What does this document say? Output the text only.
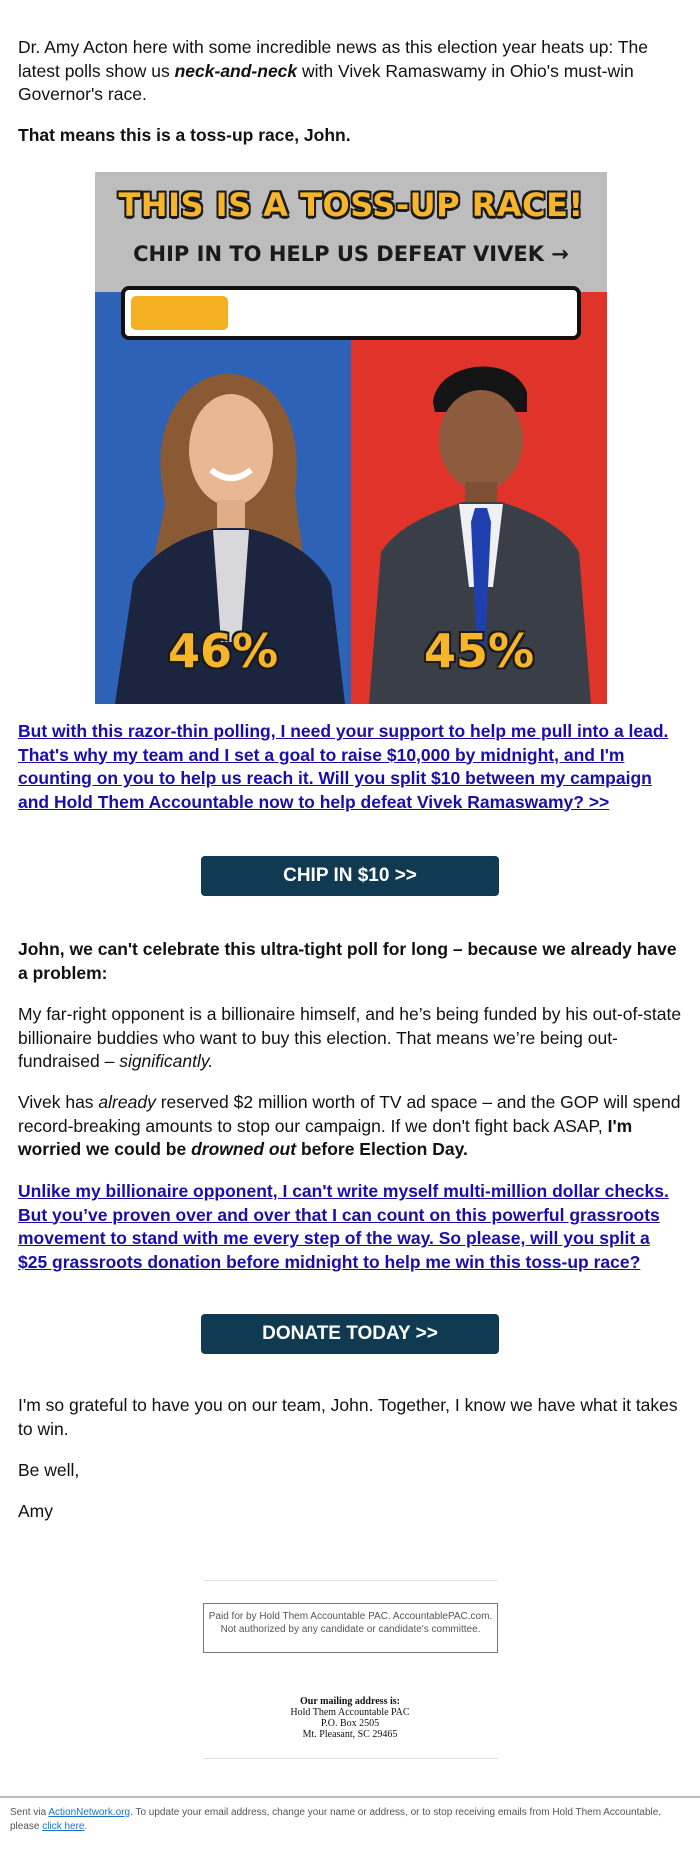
Dr. Amy Acton here with some incredible news as this election year heats up: The latest polls show us neck-and-neck with Vivek Ramaswamy in Ohio's must-win Governor's race.

That means this is a toss-up race, John.

THIS IS A TOSS-UP RACE!
CHIP IN TO HELP US DEFEAT VIVEK →
46%	45%

But with this razor-thin polling, I need your support to help me pull into a lead. That's why my team and I set a goal to raise $10,000 by midnight, and I'm counting on you to help us reach it. Will you split $10 between my campaign and Hold Them Accountable now to help defeat Vivek Ramaswamy? >>

CHIP IN $10 >>

John, we can't celebrate this ultra-tight poll for long – because we already have a problem:

My far-right opponent is a billionaire himself, and he’s being funded by his out-of-state billionaire buddies who want to buy this election. That means we’re being out-fundraised – significantly.

Vivek has already reserved $2 million worth of TV ad space – and the GOP will spend record-breaking amounts to stop our campaign. If we don't fight back ASAP, I'm worried we could be drowned out before Election Day.

Unlike my billionaire opponent, I can't write myself multi-million dollar checks. But you’ve proven over and over that I can count on this powerful grassroots movement to stand with me every step of the way. So please, will you split a $25 grassroots donation before midnight to help me win this toss-up race?

DONATE TODAY >>

I'm so grateful to have you on our team, John. Together, I know we have what it takes to win.

Be well,

Amy

Paid for by Hold Them Accountable PAC. AccountablePAC.com. Not authorized by any candidate or candidate's committee.
Our mailing address is:
Hold Them Accountable PAC
P.O. Box 2505
Mt. Pleasant, SC 29465
Sent via ActionNetwork.org. To update your email address, change your name or address, or to stop receiving emails from Hold Them Accountable, please click here.
